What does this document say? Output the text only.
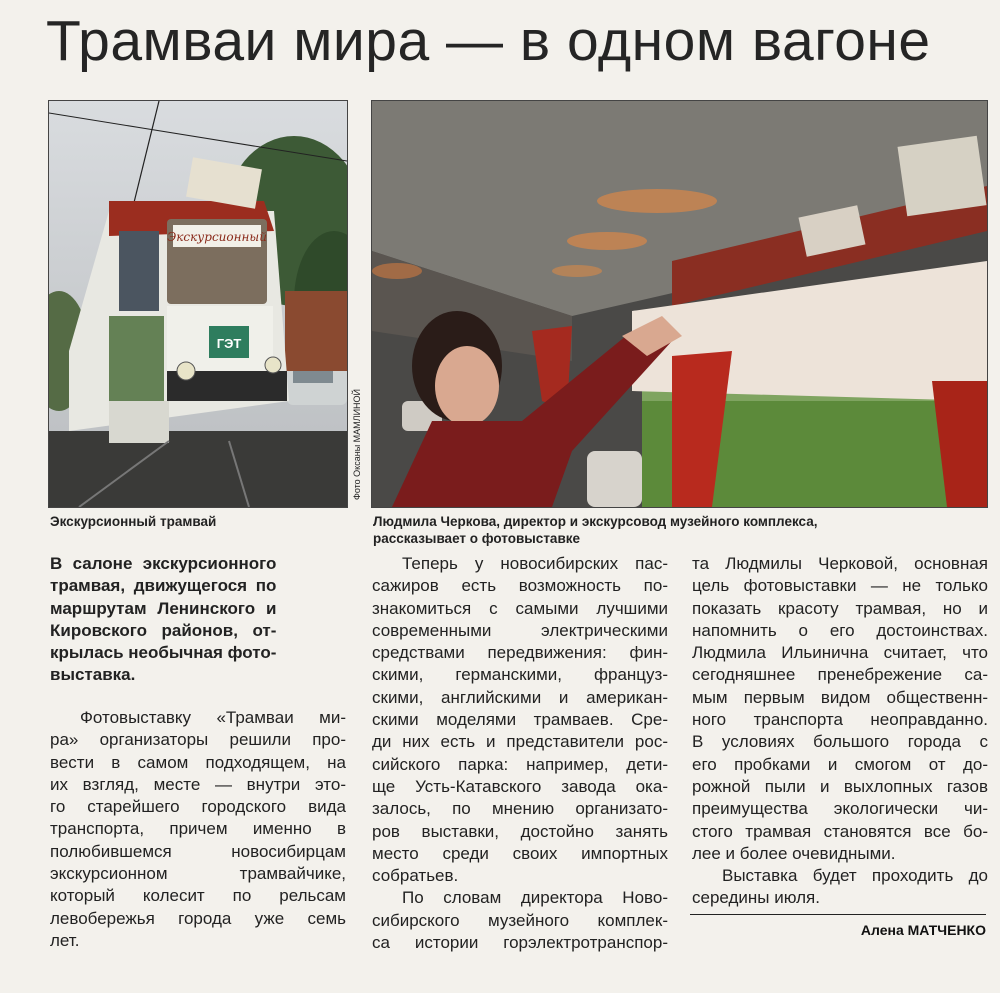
Трамваи мира — в одном вагоне
Экскурсионный
ГЭТ
Фото Оксаны МАМЛИНОЙ
Экскурсионный трамвай	Людмила Черкова, директор и экскурсовод музейного комплекса,
рассказывает о фотовыставке

В салоне экскурсионного
трамвая, движущегося по
маршрутам Ленинского и
Кировского районов, от-
крылась необычная фото-
выставка.

Фотовыставку «Трамваи ми-
ра» организаторы решили про-
вести в самом подходящем, на
их взгляд, месте — внутри это-
го старейшего городского вида
транспорта, причем именно в
полюбившемся новосибирцам
экскурсионном трамвайчике,
который колесит по рельсам
левобережья города уже семь
лет.

Теперь у новосибирских пас-
сажиров есть возможность по-
знакомиться с самыми лучшими
современными электрическими
средствами передвижения: фин-
скими, германскими, француз-
скими, английскими и американ-
скими моделями трамваев. Сре-
ди них есть и представители рос-
сийского парка: например, дети-
ще Усть-Катавского завода ока-
залось, по мнению организато-
ров выставки, достойно занять
место среди своих импортных
собратьев.
По словам директора Ново-
сибирского музейного комплек-
са истории горэлектротранспор-

та Людмилы Черковой, основная
цель фотовыставки — не только
показать красоту трамвая, но и
напомнить о его достоинствах.
Людмила Ильинична считает, что
сегодняшнее пренебрежение са-
мым первым видом общественн-
ного транспорта неоправданно.
В условиях большого города с
его пробками и смогом от до-
рожной пыли и выхлопных газов
преимущества экологически чи-
стого трамвая становятся все бо-
лее и более очевидными.
Выставка будет проходить до
середины июля.

Алена МАТЧЕНКО
